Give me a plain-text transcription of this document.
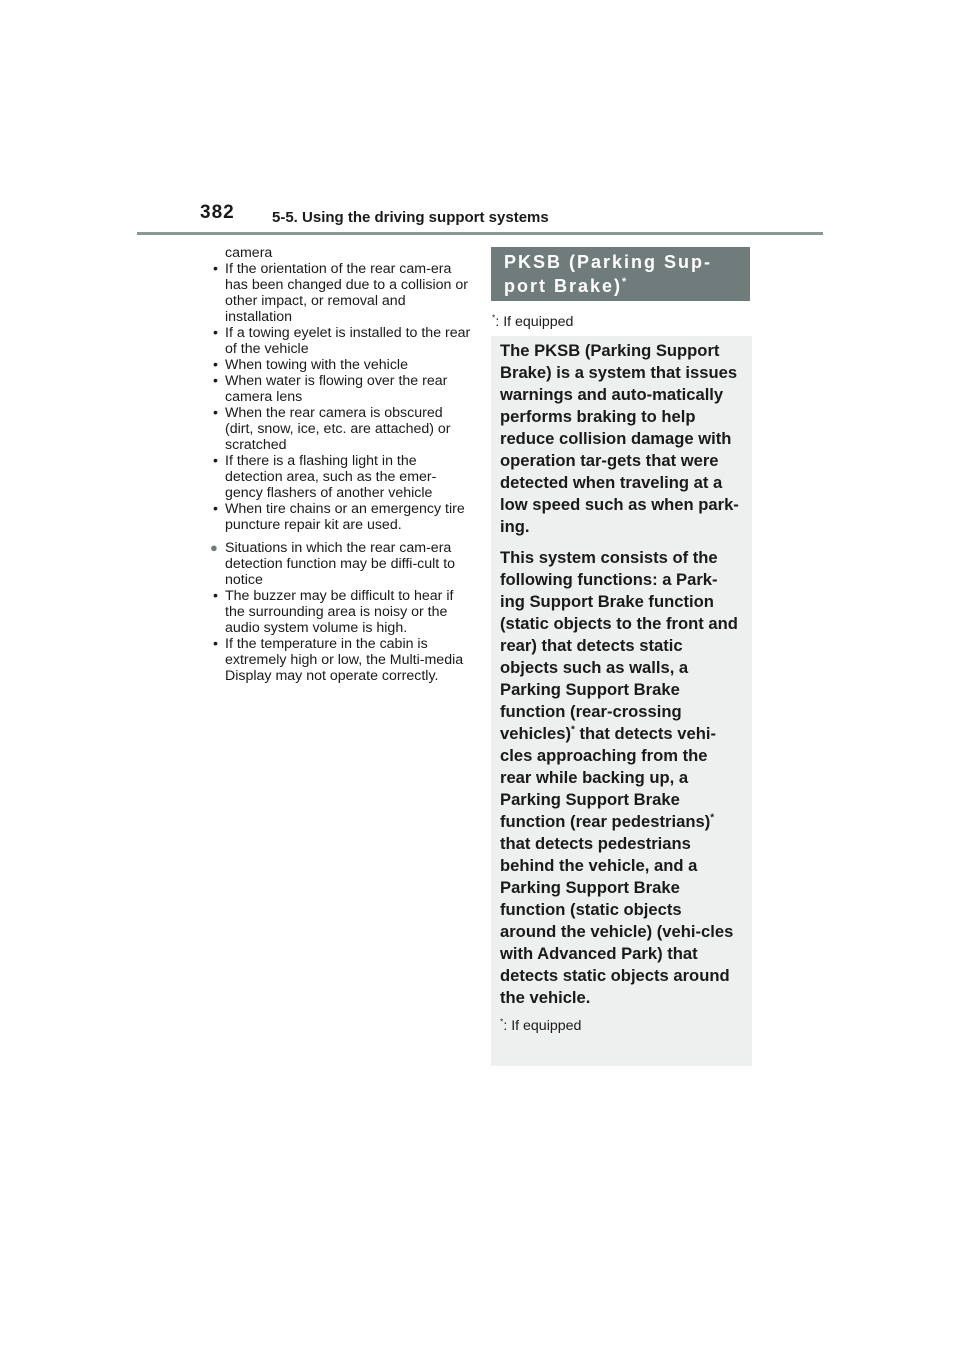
382 5-5. Using the driving support systems

camera

• If the orientation of the rear cam-era has been changed due to a collision or other impact, or removal and installation
• If a towing eyelet is installed to the rear of the vehicle
• When towing with the vehicle
• When water is flowing over the rear camera lens
• When the rear camera is obscured (dirt, snow, ice, etc. are attached) or scratched
• If there is a flashing light in the detection area, such as the emer-gency flashers of another vehicle
• When tire chains or an emergency tire puncture repair kit are used.
● Situations in which the rear cam-era detection function may be diffi-cult to notice
• The buzzer may be difficult to hear if the surrounding area is noisy or the audio system volume is high.
• If the temperature in the cabin is extremely high or low, the Multi-media Display may not operate correctly.
PKSB (Parking Sup-
port Brake)*
*: If equipped

The PKSB (Parking Support Brake) is a system that issues warnings and auto-matically performs braking to help reduce collision damage with operation tar-gets that were detected when traveling at a low speed such as when park-ing.

This system consists of the following functions: a Park-ing Support Brake function (static objects to the front and rear) that detects static objects such as walls, a Parking Support Brake function (rear-crossing vehicles)* that detects vehi-cles approaching from the rear while backing up, a Parking Support Brake function (rear pedestrians)* that detects pedestrians behind the vehicle, and a Parking Support Brake function (static objects around the vehicle) (vehi-cles with Advanced Park) that detects static objects around the vehicle.

*: If equipped
